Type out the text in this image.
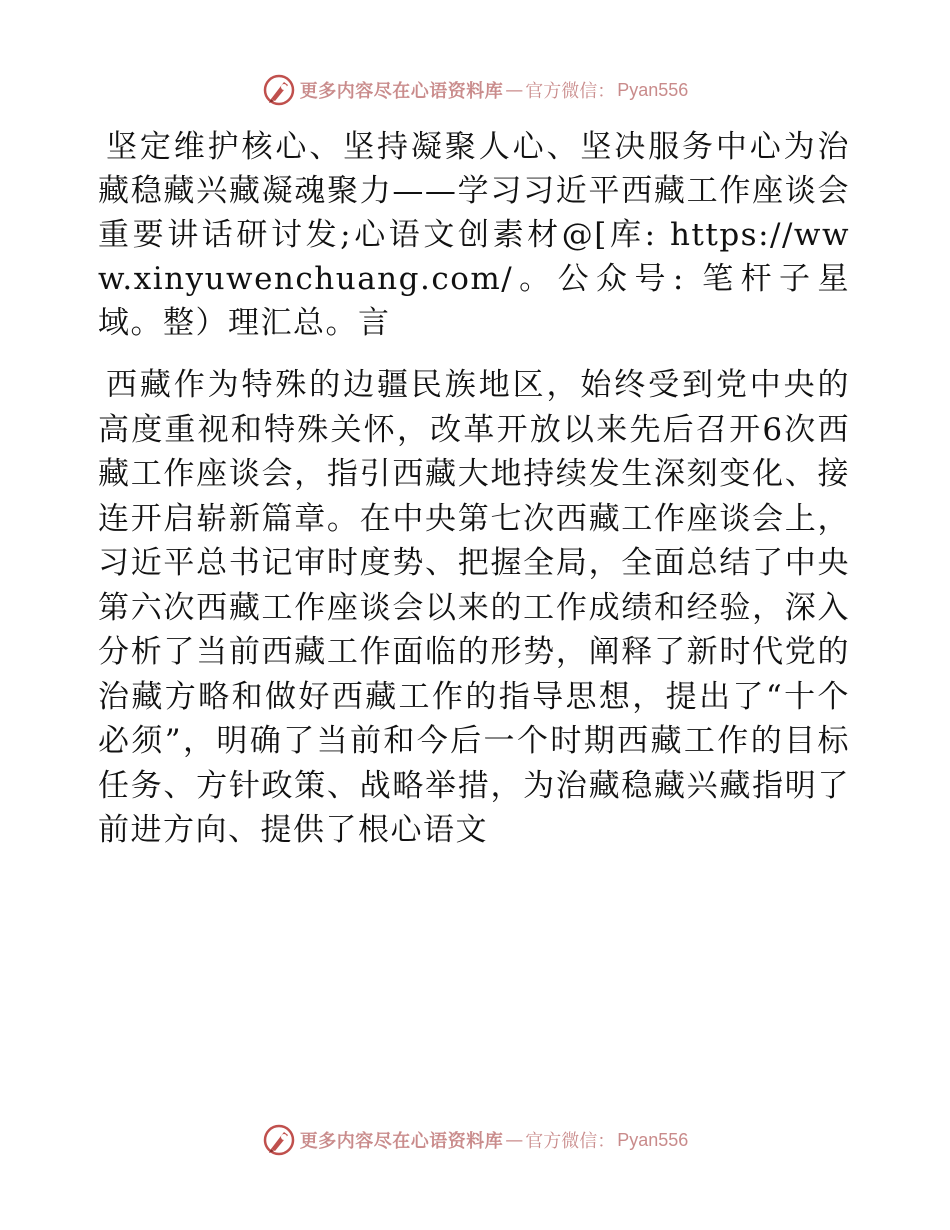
更多内容尽在心语资料库 — 官方微信： Pyan556

坚定维护核心、坚持凝聚人心、坚决服务中心为治藏稳藏兴藏凝魂聚力——学习习近平西藏工作座谈会重要讲话研讨发;心语文创素材@[库: https://www.xinyuwenchuang.com/。公众号: 笔杆子星域。整）理汇总。言

西藏作为特殊的边疆民族地区，始终受到党中央的高度重视和特殊关怀，改革开放以来先后召开6次西藏工作座谈会，指引西藏大地持续发生深刻变化、接连开启崭新篇章。在中央第七次西藏工作座谈会上，习近平总书记审时度势、把握全局，全面总结了中央第六次西藏工作座谈会以来的工作成绩和经验，深入分析了当前西藏工作面临的形势，阐释了新时代党的治藏方略和做好西藏工作的指导思想，提出了“十个必须”，明确了当前和今后一个时期西藏工作的目标任务、方针政策、战略举措，为治藏稳藏兴藏指明了前进方向、提供了根心语文

更多内容尽在心语资料库 — 官方微信： Pyan556
